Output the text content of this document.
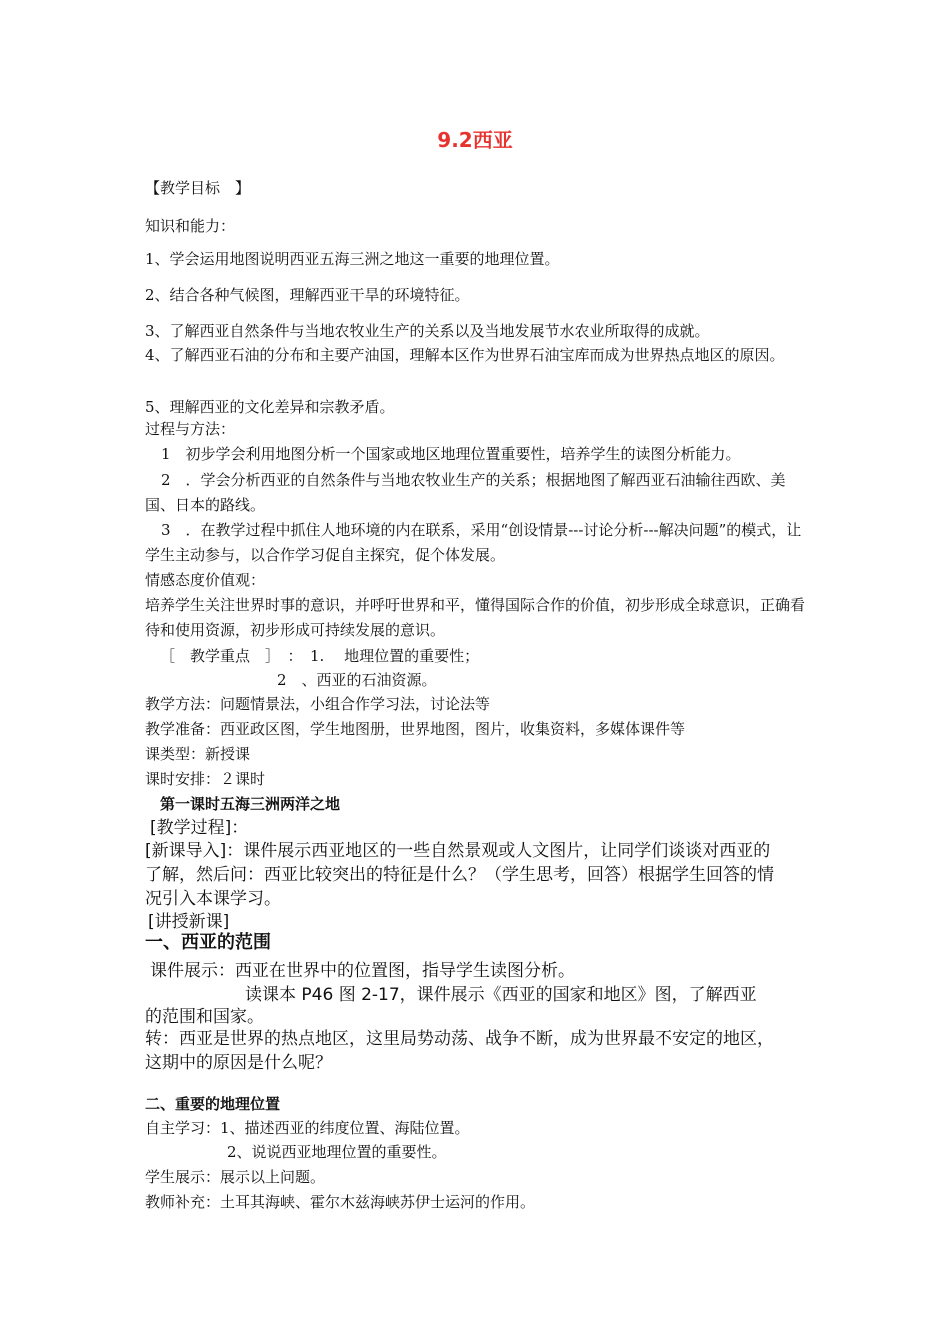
9.2西亚
【教学目标　】
知识和能力：
1、学会运用地图说明西亚五海三洲之地这一重要的地理位置。
2、结合各种气候图，理解西亚干旱的环境特征。
3、了解西亚自然条件与当地农牧业生产的关系以及当地发展节水农业所取得的成就。
4、了解西亚石油的分布和主要产油国，理解本区作为世界石油宝库而成为世界热点地区的原因。
5、理解西亚的文化差异和宗教矛盾。
过程与方法：
1　初步学会利用地图分析一个国家或地区地理位置重要性，培养学生的读图分析能力。
2　．学会分析西亚的自然条件与当地农牧业生产的关系；根据地图了解西亚石油输往西欧、美国、日本的路线。
3　．在教学过程中抓住人地环境的内在联系，采用“创设情景---讨论分析---解决问题”的模式，让学生主动参与，以合作学习促自主探究，促个体发展。
情感态度价值观：
培养学生关注世界时事的意识，并呼吁世界和平，懂得国际合作的价值，初步形成全球意识，正确看待和使用资源，初步形成可持续发展的意识。
［　教学重点　］　：　1.　 地理位置的重要性；
2　、西亚的石油资源。
教学方法：问题情景法，小组合作学习法，讨论法等
教学准备：西亚政区图，学生地图册，世界地图，图片，收集资料，多媒体课件等
课类型：新授课
课时安排：２课时
第一课时五海三洲两洋之地
[教学过程]：
[新课导入]：课件展示西亚地区的一些自然景观或人文图片，让同学们谈谈对西亚的了解，然后问：西亚比较突出的特征是什么？（学生思考，回答）根据学生回答的情况引入本课学习。
[讲授新课]
一、西亚的范围
课件展示：西亚在世界中的位置图，指导学生读图分析。
读课本 P46 图 2-17，课件展示《西亚的国家和地区》图，了解西亚
的范围和国家。
转：西亚是世界的热点地区，这里局势动荡、战争不断，成为世界最不安定的地区，这期中的原因是什么呢？
二、重要的地理位置
自主学习：1、描述西亚的纬度位置、海陆位置。
2、说说西亚地理位置的重要性。
学生展示：展示以上问题。
教师补充：土耳其海峡、霍尔木兹海峡苏伊士运河的作用。
